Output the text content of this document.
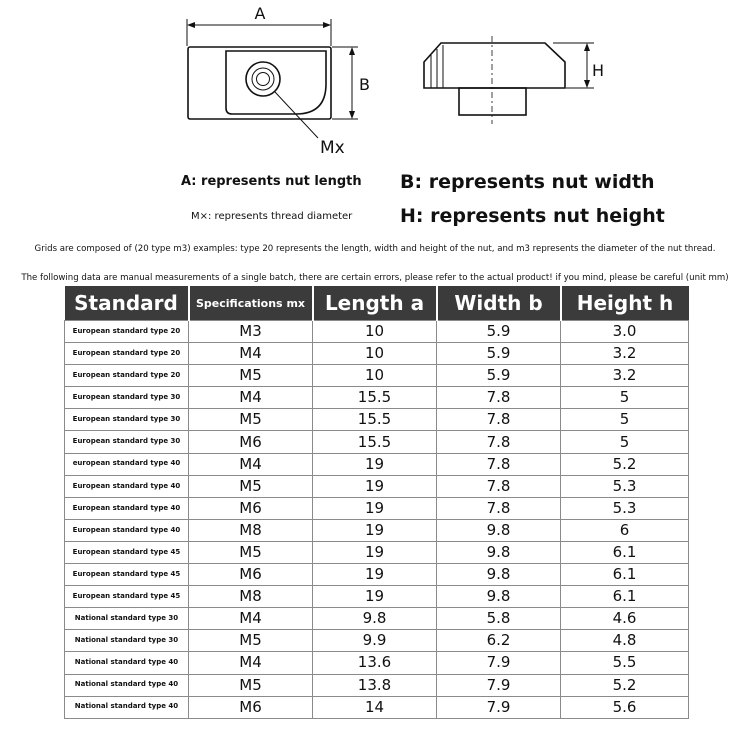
A
B
Mx
H
A: represents nut length B: represents nut width
M×: represents thread diameter	H: represents nut height
Grids are composed of (20 type m3) examples: type 20 represents the length, width and height of the nut, and m3 represents the diameter of the nut thread.
The following data are manual measurements of a single batch, there are certain errors, please refer to the actual product! if you mind, please be careful (unit mm)
Standard	Specifications mx	Length a	Width b	Height h
European standard type 20	M3	10	5.9	3.0
European standard type 20	M4	10	5.9	3.2
European standard type 20	M5	10	5.9	3.2
European standard type 30	M4	15.5	7.8	5
European standard type 30	M5	15.5	7.8	5
European standard type 30	M6	15.5	7.8	5
european standard type 40	M4	19	7.8	5.2
European standard type 40	M5	19	7.8	5.3
European standard type 40	M6	19	7.8	5.3
European standard type 40	M8	19	9.8	6
European standard type 45	M5	19	9.8	6.1
European standard type 45	M6	19	9.8	6.1
European standard type 45	M8	19	9.8	6.1
National standard type 30	M4	9.8	5.8	4.6
National standard type 30	M5	9.9	6.2	4.8
National standard type 40	M4	13.6	7.9	5.5
National standard type 40	M5	13.8	7.9	5.2
National standard type 40	M6	14	7.9	5.6
